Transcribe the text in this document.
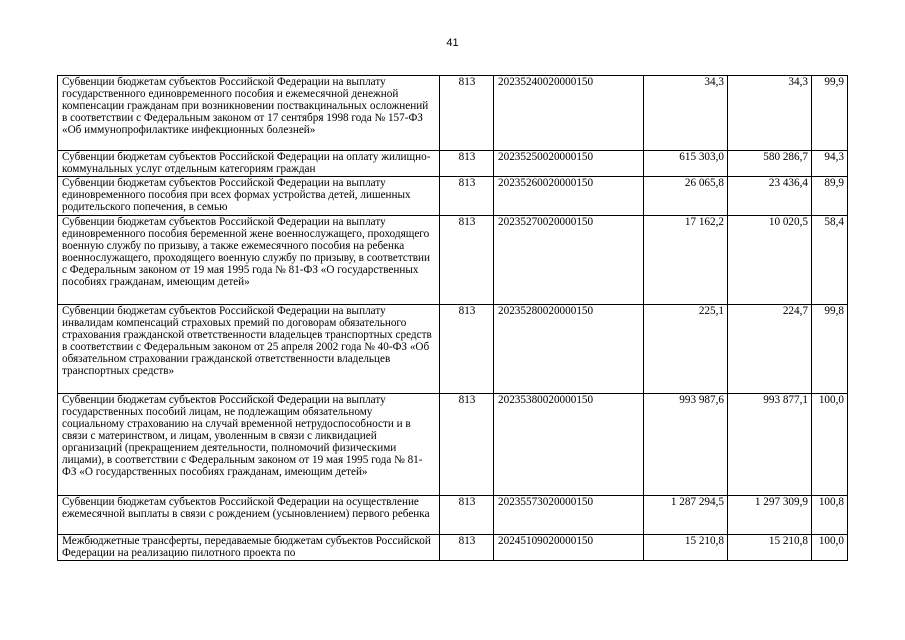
41
Субвенции бюджетам субъектов Российской Федерации на выплату государственного единовременного пособия и ежемесячной денежной компенсации гражданам при возникновении поствакцинальных осложнений в соответствии с Федеральным законом от 17 сентября 1998 года № 157-ФЗ «Об иммунопрофилактике инфекционных болезней»	813	20235240020000150	34,3	34,3	99,9
Субвенции бюджетам субъектов Российской Федерации на оплату жилищно-коммунальных услуг отдельным категориям граждан	813	20235250020000150	615 303,0	580 286,7	94,3
Субвенции бюджетам субъектов Российской Федерации на выплату единовременного пособия при всех формах устройства детей, лишенных родительского попечения, в семью	813	20235260020000150	26 065,8	23 436,4	89,9
Субвенции бюджетам субъектов Российской Федерации на выплату единовременного пособия беременной жене военнослужащего, проходящего военную службу по призыву, а также ежемесячного пособия на ребенка военнослужащего, проходящего военную службу по призыву, в соответствии с Федеральным законом от 19 мая 1995 года № 81-ФЗ «О государственных пособиях гражданам, имеющим детей»	813	20235270020000150	17 162,2	10 020,5	58,4
Субвенции бюджетам субъектов Российской Федерации на выплату инвалидам компенсаций страховых премий по договорам обязательного страхования гражданской ответственности владельцев транспортных средств в соответствии с Федеральным законом от 25 апреля 2002 года № 40-ФЗ «Об обязательном страховании гражданской ответственности владельцев транспортных средств»	813	20235280020000150	225,1	224,7	99,8
Субвенции бюджетам субъектов Российской Федерации на выплату государственных пособий лицам, не подлежащим обязательному социальному страхованию на случай временной нетрудоспособности и в связи с материнством, и лицам, уволенным в связи с ликвидацией организаций (прекращением деятельности, полномочий физическими лицами), в соответствии с Федеральным законом от 19 мая 1995 года № 81-ФЗ «О государственных пособиях гражданам, имеющим детей»	813	20235380020000150	993 987,6	993 877,1	100,0
Субвенции бюджетам субъектов Российской Федерации на осуществление ежемесячной выплаты в связи с рождением (усыновлением) первого ребенка	813	20235573020000150	1 287 294,5	1 297 309,9	100,8
Межбюджетные трансферты, передаваемые бюджетам субъектов Российской Федерации на реализацию пилотного проекта по	813	20245109020000150	15 210,8	15 210,8	100,0
